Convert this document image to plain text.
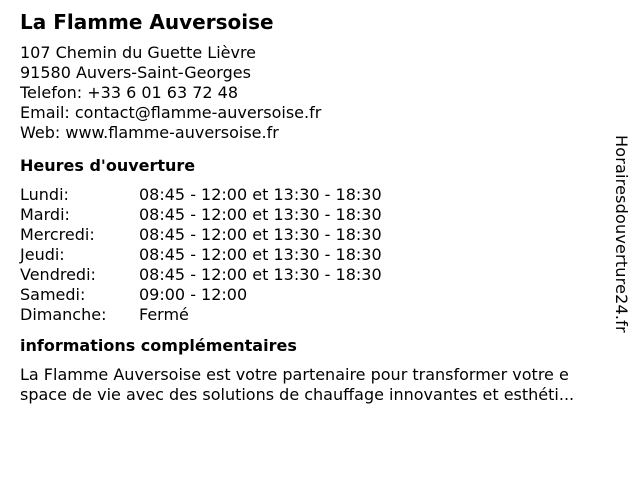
La Flamme Auversoise
107 Chemin du Guette Lièvre
91580 Auvers-Saint-Georges
Telefon: +33 6 01 63 72 48
Email: contact@flamme-auversoise.fr
Web: www.flamme-auversoise.fr
Heures d'ouverture
Lundi:	08:45 - 12:00 et 13:30 - 18:30
Mardi:	08:45 - 12:00 et 13:30 - 18:30
Mercredi:	08:45 - 12:00 et 13:30 - 18:30
Jeudi:	08:45 - 12:00 et 13:30 - 18:30
Vendredi:	08:45 - 12:00 et 13:30 - 18:30
Samedi:	09:00 - 12:00
Dimanche:	Fermé
informations complémentaires
La Flamme Auversoise est votre partenaire pour transformer votre e
space de vie avec des solutions de chauffage innovantes et esthéti...
Horairesdouverture24.fr
